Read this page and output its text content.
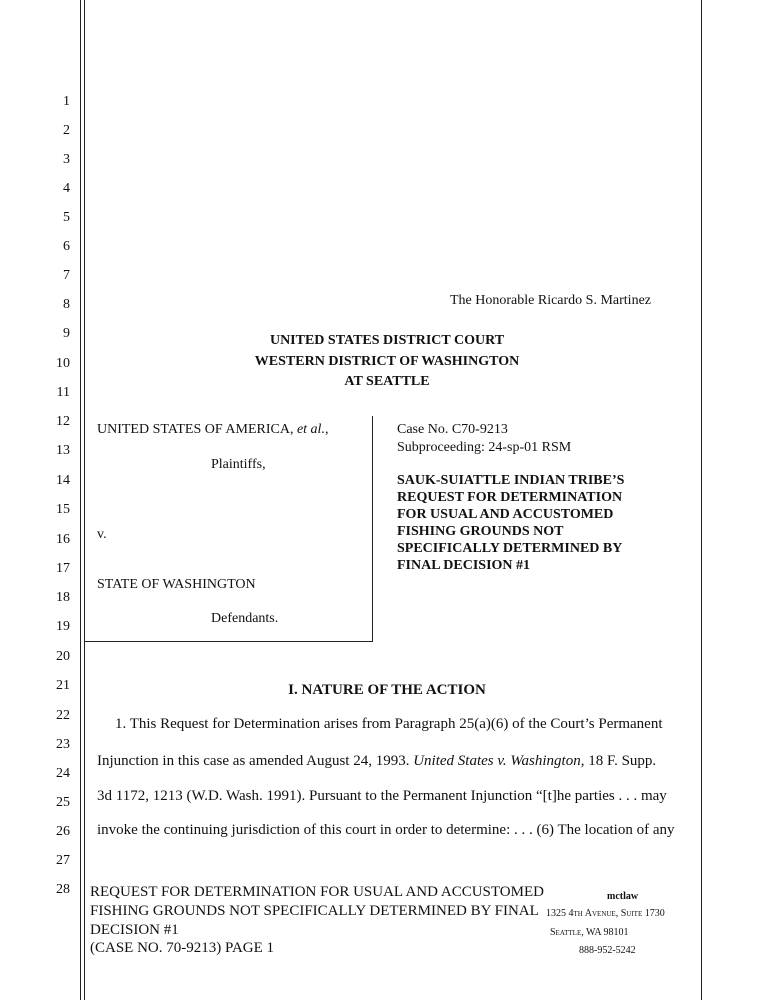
1
2
3
4
5
6
7
8
9
10
11
12
13
14
15
16
17
18
19
20
21
22
23
24
25
26
27
28
The Honorable Ricardo S. Martinez
UNITED STATES DISTRICT COURT
WESTERN DISTRICT OF WASHINGTON
AT SEATTLE
UNITED STATES OF AMERICA, et al.,
Plaintiffs,
v.
STATE OF WASHINGTON
Defendants.
Case No. C70-9213
Subproceeding: 24-sp-01 RSM
SAUK-SUIATTLE INDIAN TRIBE’S
REQUEST FOR DETERMINATION
FOR USUAL AND ACCUSTOMED
FISHING GROUNDS NOT
SPECIFICALLY DETERMINED BY
FINAL DECISION #1
I. NATURE OF THE ACTION
1. This Request for Determination arises from Paragraph 25(a)(6) of the Court’s Permanent
Injunction in this case as amended August 24, 1993. United States v. Washington, 18 F. Supp.
3d 1172, 1213 (W.D. Wash. 1991). Pursuant to the Permanent Injunction “[t]he parties . . . may
invoke the continuing jurisdiction of this court in order to determine: . . . (6) The location of any
REQUEST FOR DETERMINATION FOR USUAL AND ACCUSTOMED
FISHING GROUNDS NOT SPECIFICALLY DETERMINED BY FINAL
DECISION #1
(CASE NO. 70-9213) PAGE 1
mctlaw
1325 4th Avenue, Suite 1730
Seattle, WA 98101
888-952-5242
